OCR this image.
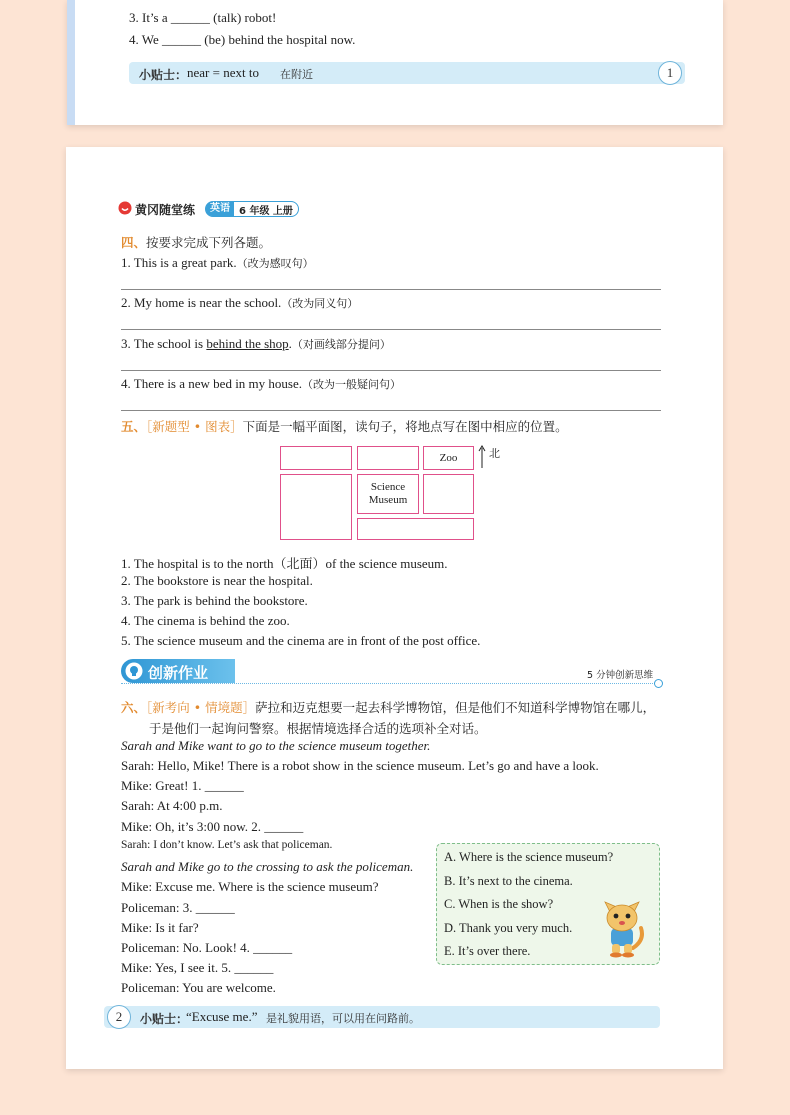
3. It’s a ______ (talk) robot!
4. We ______ (be) behind the hospital now.
小贴士： near = next to 在附近	1
黄冈随堂练	英语 6 年级 上册
四、按要求完成下列各题。
1. This is a great park.（改为感叹句）
2. My home is near the school.（改为同义句）
3. The school is behind the shop.（对画线部分提问）
4. There is a new bed in my house.（改为一般疑问句）
五、［新题型 • 图表］下面是一幅平面图，读句子，将地点写在图中相应的位置。
Zoo	北
Science
Museum
1. The hospital is to the north（北面）of the science museum.
2. The bookstore is near the hospital.
3. The park is behind the bookstore.
4. The cinema is behind the zoo.
5. The science museum and the cinema are in front of the post office.
创新作业	5 分钟创新思维
六、［新考向 • 情境题］萨拉和迈克想要一起去科学博物馆，但是他们不知道科学博物馆在哪儿，
于是他们一起询问警察。根据情境选择合适的选项补全对话。
Sarah and Mike want to go to the science museum together.
Sarah: Hello, Mike! There is a robot show in the science museum. Let’s go and have a look.
Mike: Great! 1. ______
Sarah: At 4:00 p.m.
Mike: Oh, it’s 3:00 now. 2. ______
Sarah: I don’t know. Let’s ask that policeman.
Sarah and Mike go to the crossing to ask the policeman.
Mike: Excuse me. Where is the science museum?
Policeman: 3. ______
Mike: Is it far?
Policeman: No. Look! 4. ______
Mike: Yes, I see it. 5. ______
Policeman: You are welcome.
A. Where is the science museum?
B. It’s next to the cinema.
C. When is the show?
D. Thank you very much.
E. It’s over there.
小贴士：
“Excuse me.” 是礼貌用语，可以用在问路前。
2
